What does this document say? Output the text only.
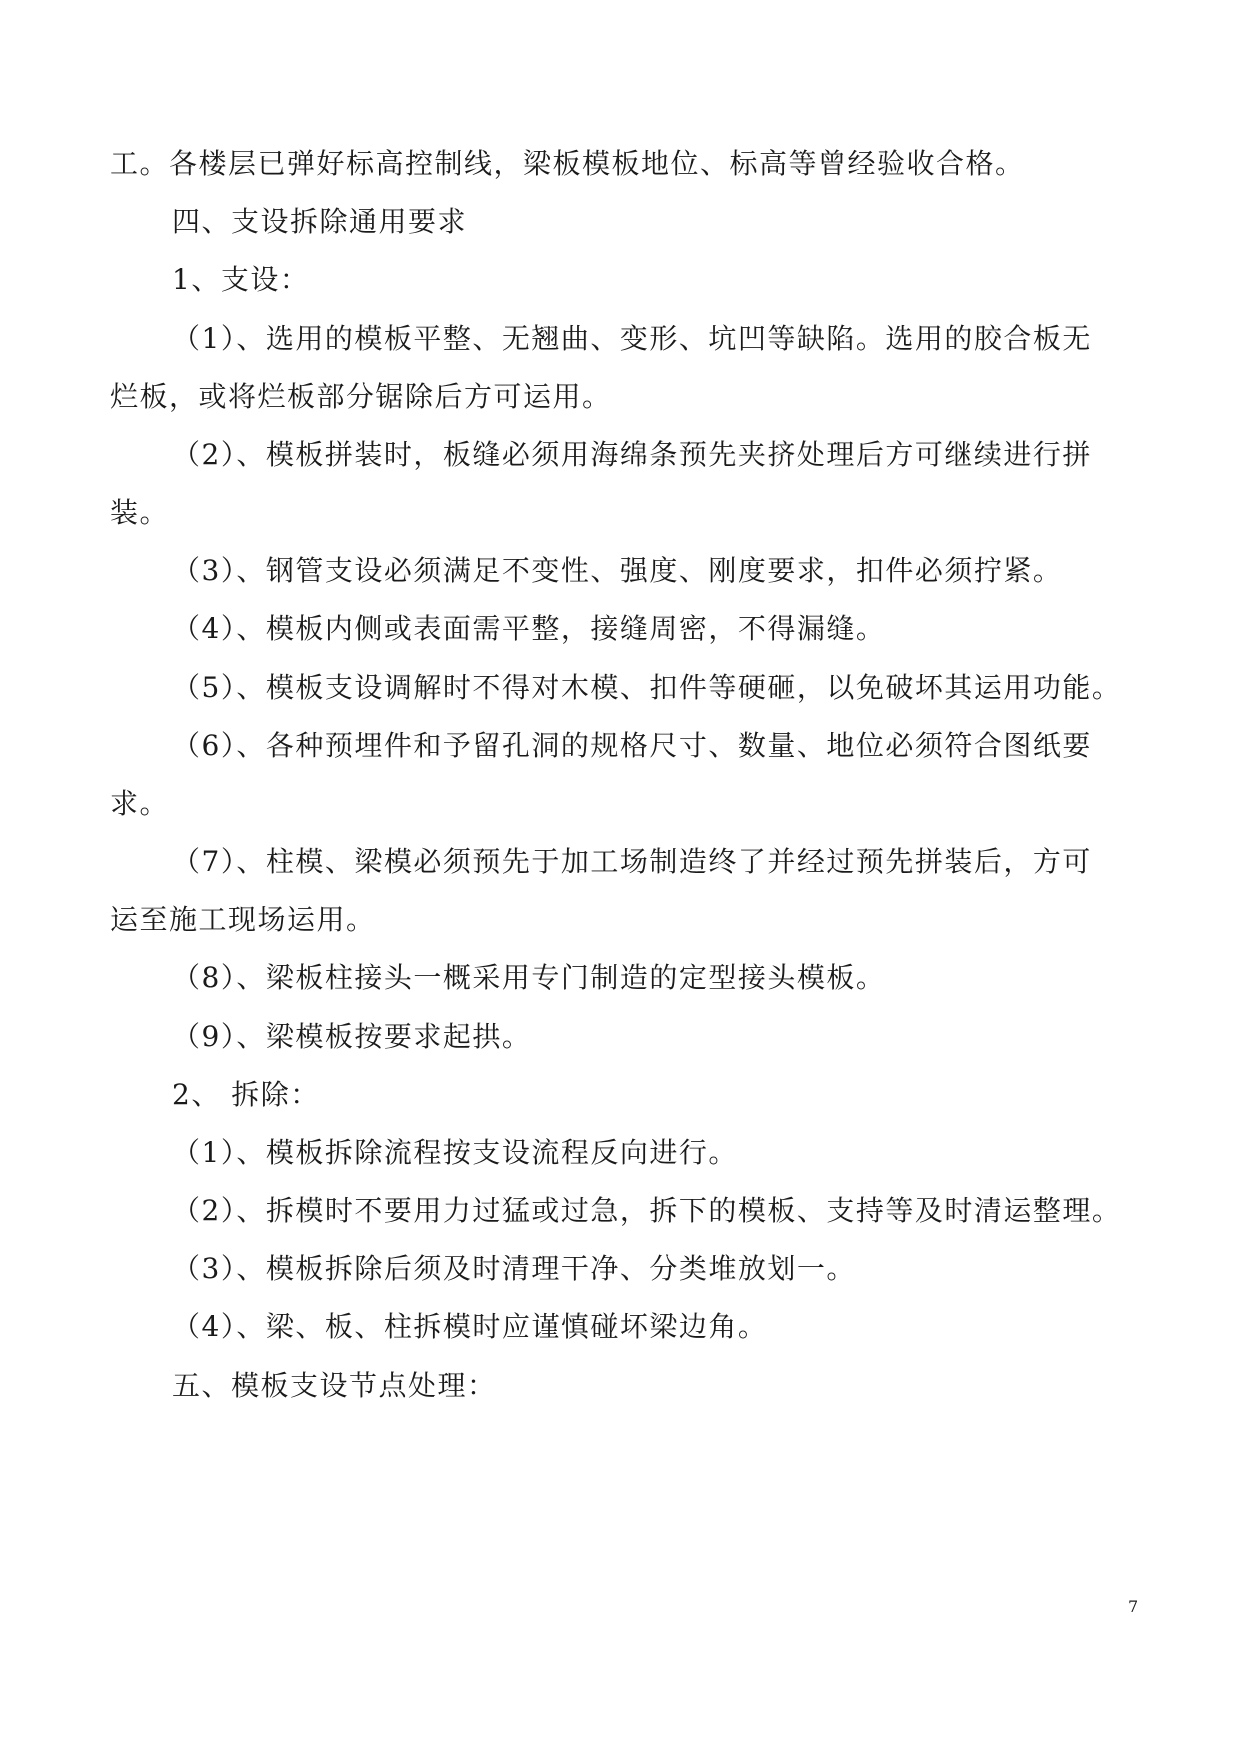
工。各楼层已弹好标高控制线，梁板模板地位、标高等曾经验收合格。
四、支设拆除通用要求
1、支设：
（1）、选用的模板平整、无翘曲、变形、坑凹等缺陷。选用的胶合板无
烂板，或将烂板部分锯除后方可运用。
（2）、模板拼装时，板缝必须用海绵条预先夹挤处理后方可继续进行拼
装。
（3）、钢管支设必须满足不变性、强度、刚度要求，扣件必须拧紧。
（4）、模板内侧或表面需平整，接缝周密，不得漏缝。
（5）、模板支设调解时不得对木模、扣件等硬砸，以免破坏其运用功能。
（6）、各种预埋件和予留孔洞的规格尺寸、数量、地位必须符合图纸要
求。
（7）、柱模、梁模必须预先于加工场制造终了并经过预先拼装后，方可
运至施工现场运用。
（8）、梁板柱接头一概采用专门制造的定型接头模板。
（9）、梁模板按要求起拱。
2、 拆除：
（1）、模板拆除流程按支设流程反向进行。
（2）、拆模时不要用力过猛或过急，拆下的模板、支持等及时清运整理。
（3）、模板拆除后须及时清理干净、分类堆放划一。
（4）、梁、板、柱拆模时应谨慎碰坏梁边角。
五、模板支设节点处理：
7
